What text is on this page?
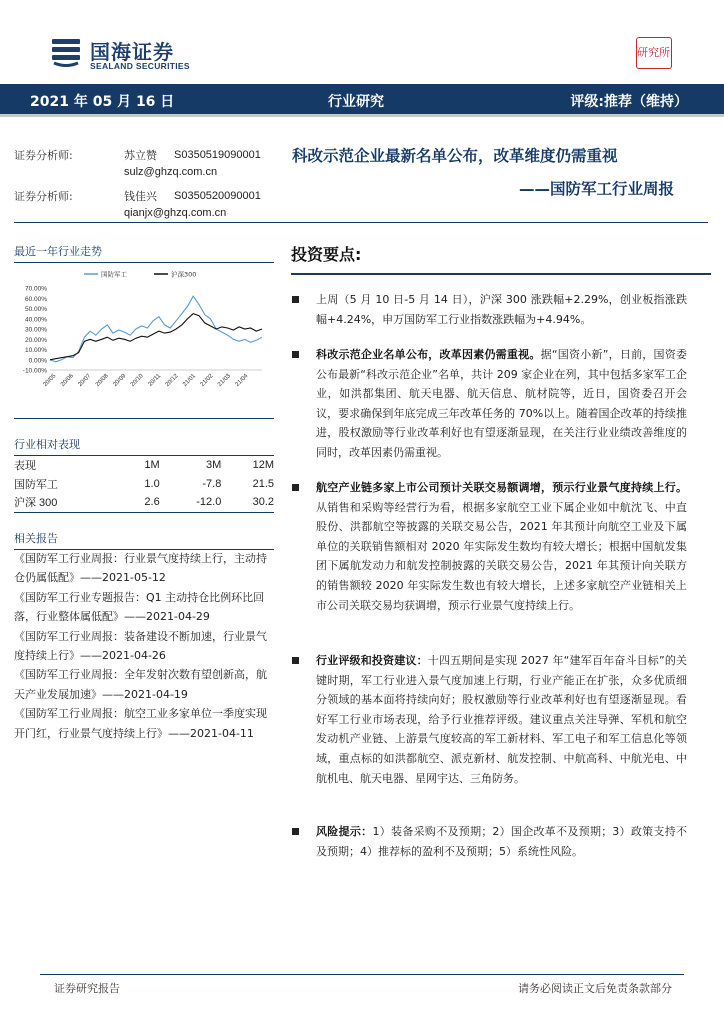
国海证券
SEALAND SECURITIES
研究所
2021 年 05 月 16 日	行业研究	评级:推荐（维持）
证券分析师:	苏立赞	S0350519090001
sulz@ghzq.com.cn
证券分析师:	钱佳兴	S0350520090001
qianjx@ghzq.com.cn
科改示范企业最新名单公布，改革维度仍需重视
——国防军工行业周报
最近一年行业走势
70.00%
60.00%
50.00%
40.00%
30.00%
20.00%
10.00%
0.00%
-10.00%
20/05 20/06 20/07 20/08 20/09 20/10 20/11 20/12 21/01 21/02 21/03 21/04
国防军工	沪深300
行业相对表现
表现	1M	3M	12M
国防军工	1.0	-7.8	21.5
沪深 300	2.6	-12.0	30.2
相关报告
《国防军工行业周报：行业景气度持续上行，主动持仓仍属低配》——2021-05-12
《国防军工行业专题报告：Q1 主动持仓比例环比回落，行业整体属低配》——2021-04-29
《国防军工行业周报：装备建设不断加速，行业景气度持续上行》——2021-04-26
《国防军工行业周报：全年发射次数有望创新高，航天产业发展加速》——2021-04-19
《国防军工行业周报：航空工业多家单位一季度实现开门红，行业景气度持续上行》——2021-04-11
投资要点:
上周（5 月 10 日-5 月 14 日），沪深 300 涨跌幅+2.29%，创业板指涨跌幅+4.24%，申万国防军工行业指数涨跌幅为+4.94%。
科改示范企业名单公布，改革因素仍需重视。据“国资小新”，日前，国资委公布最新“科改示范企业”名单，共计 209 家企业在列，其中包括多家军工企业，如洪都集团、航天电器、航天信息、航材院等，近日，国资委召开会议，要求确保到年底完成三年改革任务的 70%以上。随着国企改革的持续推进，股权激励等行业改革利好也有望逐渐显现，在关注行业业绩改善维度的同时，改革因素仍需重视。
航空产业链多家上市公司预计关联交易额调增，预示行业景气度持续上行。从销售和采购等经营行为看，根据多家航空工业下属企业如中航沈飞、中直股份、洪都航空等披露的关联交易公告，2021 年其预计向航空工业及下属单位的关联销售额相对 2020 年实际发生数均有较大增长；根据中国航发集团下属航发动力和航发控制披露的关联交易公告，2021 年其预计向关联方的销售额较 2020 年实际发生数也有较大增长，上述多家航空产业链相关上市公司关联交易均获调增，预示行业景气度持续上行。
行业评级和投资建议：十四五期间是实现 2027 年“建军百年奋斗目标”的关键时期，军工行业进入景气度加速上行期，行业产能正在扩张，众多优质细分领域的基本面将持续向好；股权激励等行业改革利好也有望逐渐显现。看好军工行业市场表现，给予行业推荐评级。建议重点关注导弹、军机和航空发动机产业链、上游景气度较高的军工新材料、军工电子和军工信息化等领域，重点标的如洪都航空、派克新材、航发控制、中航高科、中航光电、中航机电、航天电器、星网宇达、三角防务。
风险提示：1）装备采购不及预期；2）国企改革不及预期；3）政策支持不及预期；4）推荐标的盈利不及预期；5）系统性风险。
证券研究报告	请务必阅读正文后免责条款部分
